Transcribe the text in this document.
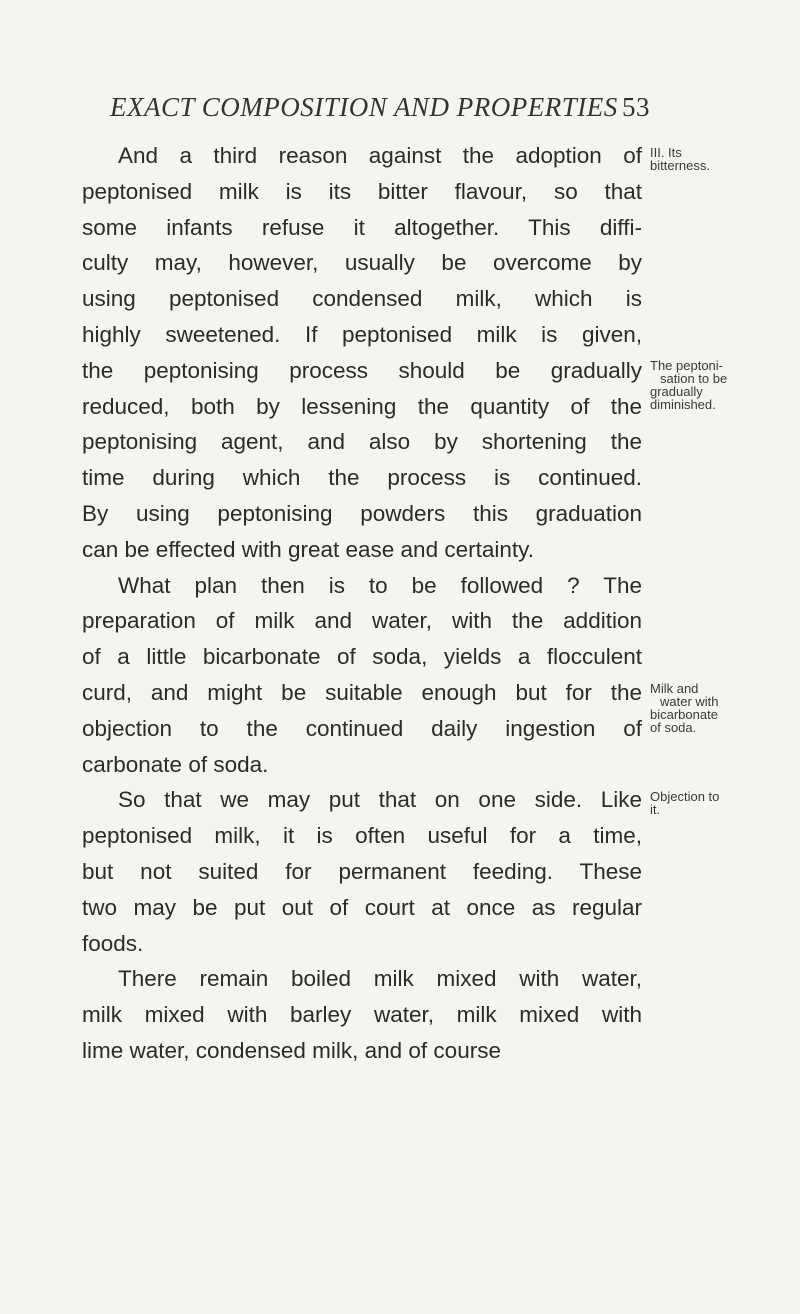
EXACT COMPOSITION AND PROPERTIES 53
And a third reason against the adoption of
peptonised milk is its bitter flavour, so that
some infants refuse it altogether. This diffi-
culty may, however, usually be overcome by
using peptonised condensed milk, which is
highly sweetened. If peptonised milk is given,
the peptonising process should be gradually
reduced, both by lessening the quantity of the
peptonising agent, and also by shortening the
time during which the process is continued.
By using peptonising powders this graduation
can be effected with great ease and certainty.
What plan then is to be followed ? The
preparation of milk and water, with the addition
of a little bicarbonate of soda, yields a flocculent
curd, and might be suitable enough but for the
objection to the continued daily ingestion of
carbonate of soda.
So that we may put that on one side. Like
peptonised milk, it is often useful for a time,
but not suited for permanent feeding. These
two may be put out of court at once as regular
foods.
There remain boiled milk mixed with water,
milk mixed with barley water, milk mixed with
lime water, condensed milk, and of course
III. Its
bitterness.
The peptoni-
sation to be
gradually
diminished.
Milk and
water with
bicarbonate
of soda.
Objection to
it.
